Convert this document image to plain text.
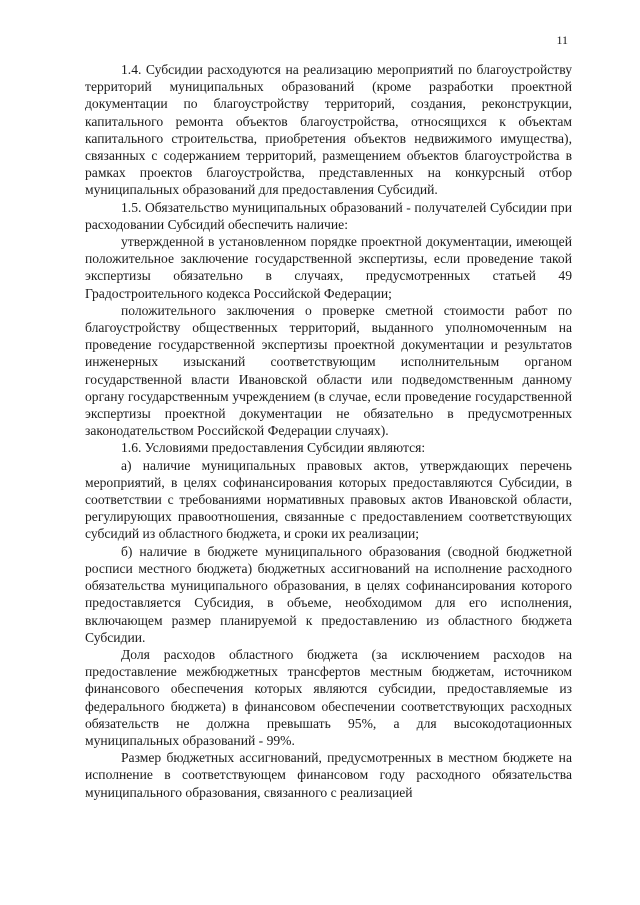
11

1.4. Субсидии расходуются на реализацию мероприятий по благоустройству территорий муниципальных образований (кроме разработки проектной документации по благоустройству территорий, создания, реконструкции, капитального ремонта объектов благоустройства, относящихся к объектам капитального строительства, приобретения объектов недвижимого имущества), связанных с содержанием территорий, размещением объектов благоустройства в рамках проектов благоустройства, представленных на конкурсный отбор муниципальных образований для предоставления Субсидий.

1.5. Обязательство муниципальных образований - получателей Субсидии при расходовании Субсидий обеспечить наличие:

утвержденной в установленном порядке проектной документации, имеющей положительное заключение государственной экспертизы, если проведение такой экспертизы обязательно в случаях, предусмотренных статьей 49 Градостроительного кодекса Российской Федерации;

положительного заключения о проверке сметной стоимости работ по благоустройству общественных территорий, выданного уполномоченным на проведение государственной экспертизы проектной документации и результатов инженерных изысканий соответствующим исполнительным органом государственной власти Ивановской области или подведомственным данному органу государственным учреждением (в случае, если проведение государственной экспертизы проектной документации не обязательно в предусмотренных законодательством Российской Федерации случаях).

1.6. Условиями предоставления Субсидии являются:

а) наличие муниципальных правовых актов, утверждающих перечень мероприятий, в целях софинансирования которых предоставляются Субсидии, в соответствии с требованиями нормативных правовых актов Ивановской области, регулирующих правоотношения, связанные с предоставлением соответствующих субсидий из областного бюджета, и сроки их реализации;

б) наличие в бюджете муниципального образования (сводной бюджетной росписи местного бюджета) бюджетных ассигнований на исполнение расходного обязательства муниципального образования, в целях софинансирования которого предоставляется Субсидия, в объеме, необходимом для его исполнения, включающем размер планируемой к предоставлению из областного бюджета Субсидии.

Доля расходов областного бюджета (за исключением расходов на предоставление межбюджетных трансфертов местным бюджетам, источником финансового обеспечения которых являются субсидии, предоставляемые из федерального бюджета) в финансовом обеспечении соответствующих расходных обязательств не должна превышать 95%, а для высокодотационных муниципальных образований - 99%.

Размер бюджетных ассигнований, предусмотренных в местном бюджете на исполнение в соответствующем финансовом году расходного обязательства муниципального образования, связанного с реализацией
